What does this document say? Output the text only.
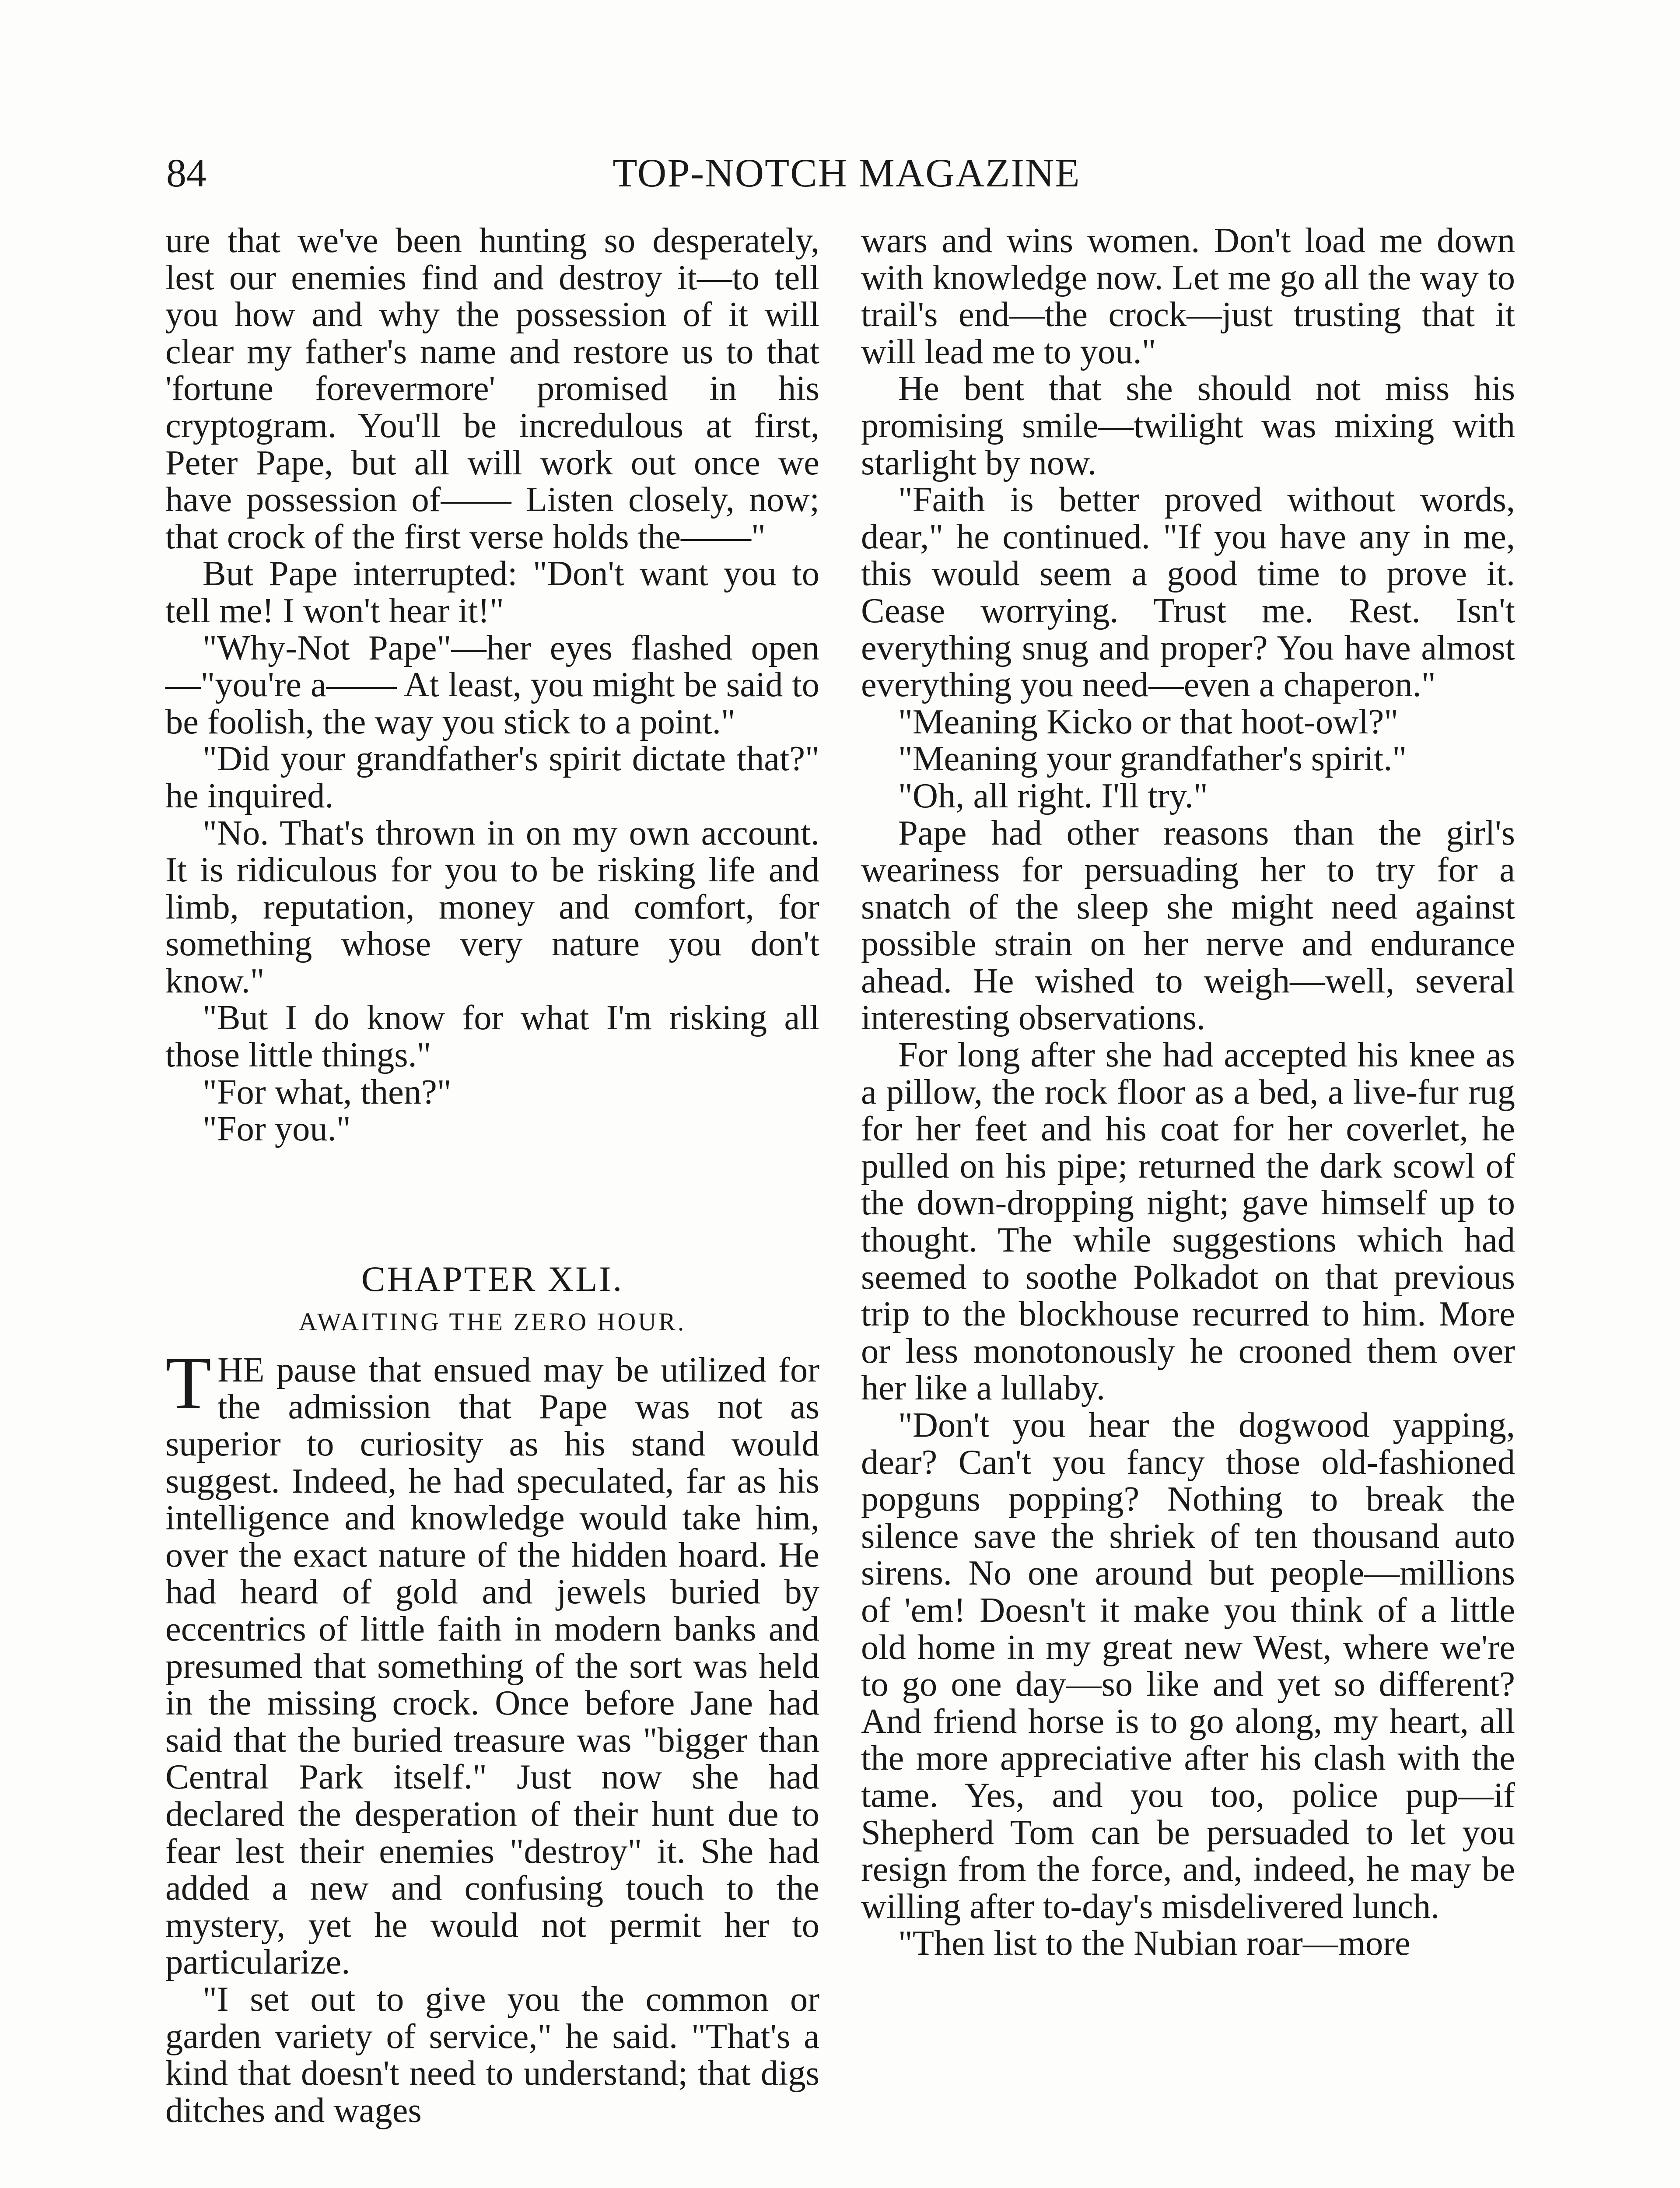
84	TOP-NOTCH MAGAZINE

ure that we've been hunting so desperately, lest our enemies find and destroy it—to tell you how and why the possession of it will clear my father's name and restore us to that 'fortune forevermore' promised in his cryptogram. You'll be incredulous at first, Peter Pape, but all will work out once we have possession of—— Listen closely, now; that crock of the first verse holds the——"

But Pape interrupted: "Don't want you to tell me! I won't hear it!"

"Why-Not Pape"—her eyes flashed open—"you're a—— At least, you might be said to be foolish, the way you stick to a point."

"Did your grandfather's spirit dictate that?" he inquired.

"No. That's thrown in on my own account. It is ridiculous for you to be risking life and limb, reputation, money and comfort, for something whose very nature you don't know."

"But I do know for what I'm risking all those little things."

"For what, then?"

"For you."

CHAPTER XLI.
AWAITING THE ZERO HOUR.

THE pause that ensued may be utilized for the admission that Pape was not as superior to curiosity as his stand would suggest. Indeed, he had speculated, far as his intelligence and knowledge would take him, over the exact nature of the hidden hoard. He had heard of gold and jewels buried by eccentrics of little faith in modern banks and presumed that something of the sort was held in the missing crock. Once before Jane had said that the buried treasure was "bigger than Central Park itself." Just now she had declared the desperation of their hunt due to fear lest their enemies "destroy" it. She had added a new and confusing touch to the mystery, yet he would not permit her to particularize.

"I set out to give you the common or garden variety of service," he said. "That's a kind that doesn't need to understand; that digs ditches and wages

wars and wins women. Don't load me down with knowledge now. Let me go all the way to trail's end—the crock—just trusting that it will lead me to you."

He bent that she should not miss his promising smile—twilight was mixing with starlight by now.

"Faith is better proved without words, dear," he continued. "If you have any in me, this would seem a good time to prove it. Cease worrying. Trust me. Rest. Isn't everything snug and proper? You have almost everything you need—even a chaperon."

"Meaning Kicko or that hoot-owl?"

"Meaning your grandfather's spirit."

"Oh, all right. I'll try."

Pape had other reasons than the girl's weariness for persuading her to try for a snatch of the sleep she might need against possible strain on her nerve and endurance ahead. He wished to weigh—well, several interesting observations.

For long after she had accepted his knee as a pillow, the rock floor as a bed, a live-fur rug for her feet and his coat for her coverlet, he pulled on his pipe; returned the dark scowl of the down-dropping night; gave himself up to thought. The while suggestions which had seemed to soothe Polkadot on that previous trip to the blockhouse recurred to him. More or less monotonously he crooned them over her like a lullaby.

"Don't you hear the dogwood yapping, dear? Can't you fancy those old-fashioned popguns popping? Nothing to break the silence save the shriek of ten thousand auto sirens. No one around but people—millions of 'em! Doesn't it make you think of a little old home in my great new West, where we're to go one day—so like and yet so different? And friend horse is to go along, my heart, all the more appreciative after his clash with the tame. Yes, and you too, police pup—if Shepherd Tom can be persuaded to let you resign from the force, and, indeed, he may be willing after to-day's misdelivered lunch.

"Then list to the Nubian roar—more
